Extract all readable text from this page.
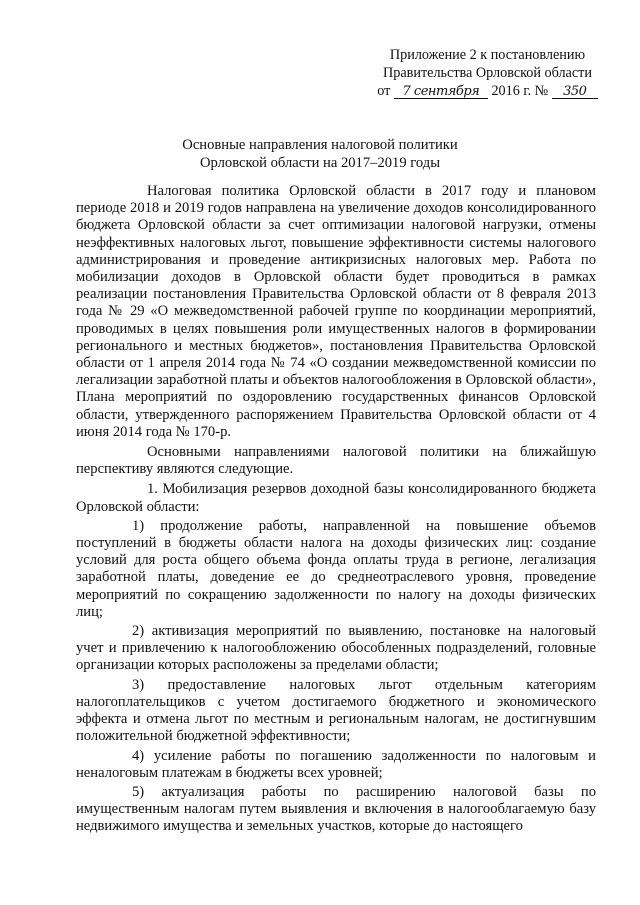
Приложение 2 к постановлению
Правительства Орловской области
от 7 сентября 2016 г. № 350
Основные направления налоговой политики
Орловской области на 2017–2019 годы

Налоговая политика Орловской области в 2017 году и плановом периоде 2018 и 2019 годов направлена на увеличение доходов консолидированного бюджета Орловской области за счет оптимизации налоговой нагрузки, отмены неэффективных налоговых льгот, повышение эффективности системы налогового администрирования и проведение антикризисных налоговых мер. Работа по мобилизации доходов в Орловской области будет проводиться в рамках реализации постановления Правительства Орловской области от 8 февраля 2013 года № 29 «О межведомственной рабочей группе по координации мероприятий, проводимых в целях повышения роли имущественных налогов в формировании регионального и местных бюджетов», постановления Правительства Орловской области от 1 апреля 2014 года № 74 «О создании межведомственной комиссии по легализации заработной платы и объектов налогообложения в Орловской области», Плана мероприятий по оздоровлению государственных финансов Орловской области, утвержденного распоряжением Правительства Орловской области от 4 июня 2014 года № 170-р.

Основными направлениями налоговой политики на ближайшую перспективу являются следующие.

1. Мобилизация резервов доходной базы консолидированного бюджета Орловской области:

1) продолжение работы, направленной на повышение объемов поступлений в бюджеты области налога на доходы физических лиц: создание условий для роста общего объема фонда оплаты труда в регионе, легализация заработной платы, доведение ее до среднеотраслевого уровня, проведение мероприятий по сокращению задолженности по налогу на доходы физических лиц;

2) активизация мероприятий по выявлению, постановке на налоговый учет и привлечению к налогообложению обособленных подразделений, головные организации которых расположены за пределами области;

3) предоставление налоговых льгот отдельным категориям налогоплательщиков с учетом достигаемого бюджетного и экономического эффекта и отмена льгот по местным и региональным налогам, не достигнувшим положительной бюджетной эффективности;

4) усиление работы по погашению задолженности по налоговым и неналоговым платежам в бюджеты всех уровней;

5) актуализация работы по расширению налоговой базы по имущественным налогам путем выявления и включения в налогооблагаемую базу недвижимого имущества и земельных участков, которые до настоящего
